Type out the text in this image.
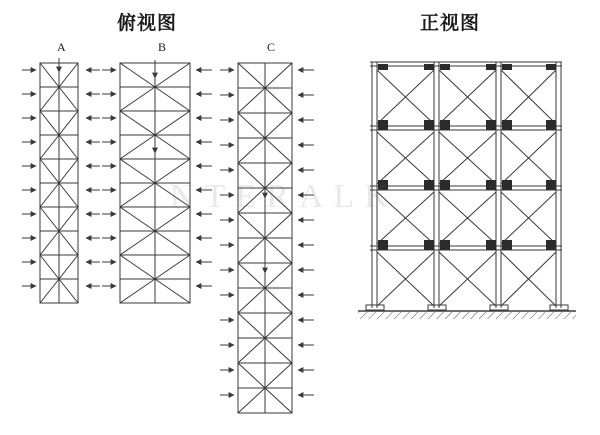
俯视图	正视图
A	B	C
NTERALK
